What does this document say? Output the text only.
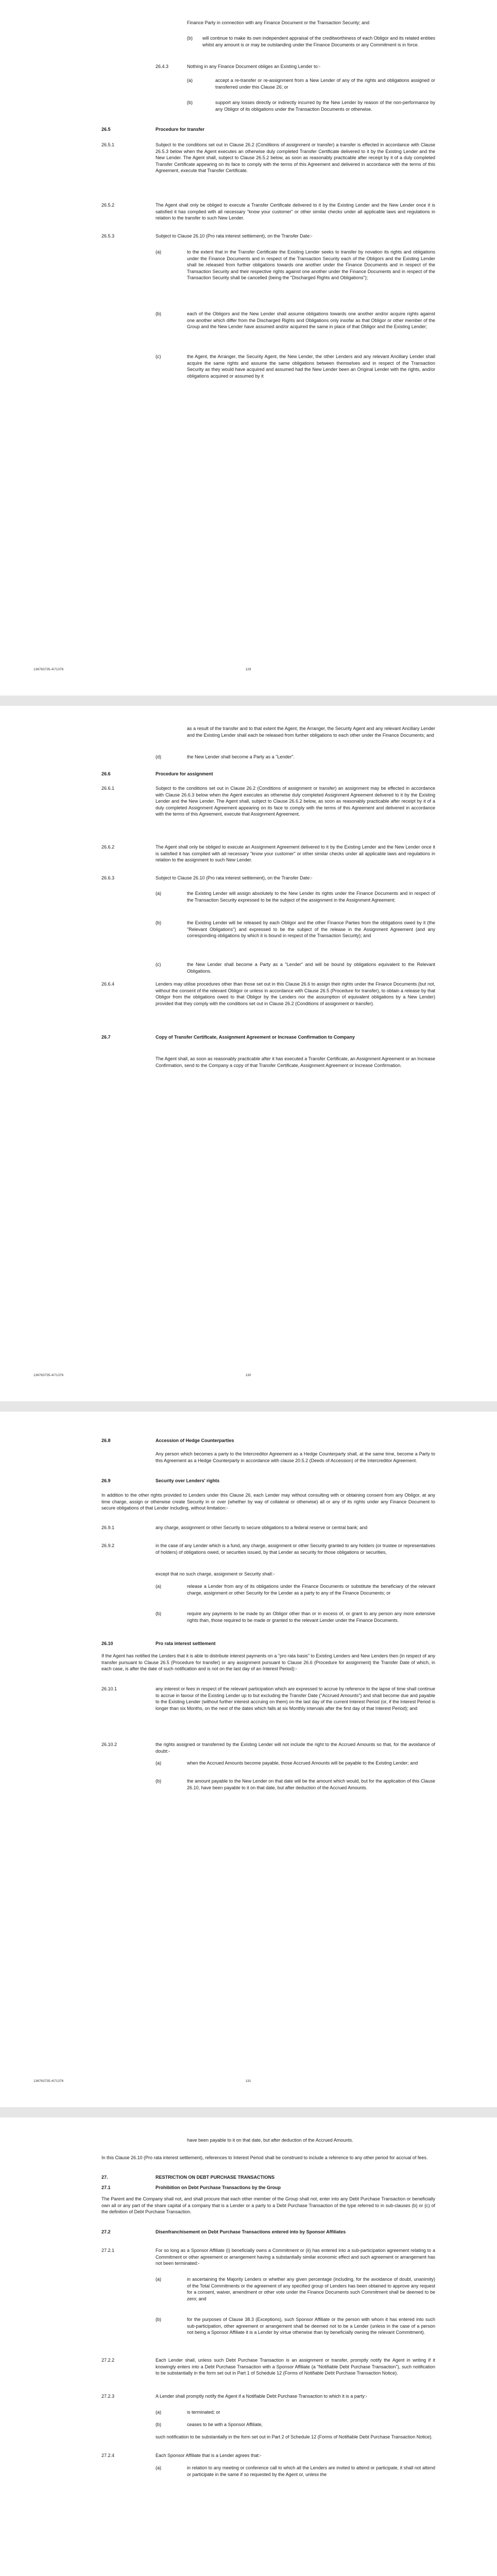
Finance Party in connection with any Finance Document or the Transaction Security; and
(b) will continue to make its own independent appraisal of the creditworthiness of each Obligor and its related entities whilst any amount is or may be outstanding under the Finance Documents or any Commitment is in force.
26.4.3	Nothing in any Finance Document obliges an Existing Lender to:-
(a)	accept a re-transfer or re-assignment from a New Lender of any of the rights and obligations assigned or transferred under this Clause 26; or
(b)	support any losses directly or indirectly incurred by the New Lender by reason of the non-performance by any Obligor of its obligations under the Transaction Documents or otherwise.
26.5	Procedure for transfer
26.5.1	Subject to the conditions set out in Clause 26.2 (Conditions of assignment or transfer) a transfer is effected in accordance with Clause 26.5.3 below when the Agent executes an otherwise duly completed Transfer Certificate delivered to it by the Existing Lender and the New Lender. The Agent shall, subject to Clause 26.5.2 below, as soon as reasonably practicable after receipt by it of a duly completed Transfer Certificate appearing on its face to comply with the terms of this Agreement and delivered in accordance with the terms of this Agreement, execute that Transfer Certificate.
26.5.2	The Agent shall only be obliged to execute a Transfer Certificate delivered to it by the Existing Lender and the New Lender once it is satisfied it has complied with all necessary "know your customer" or other similar checks under all applicable laws and regulations in relation to the transfer to such New Lender.
26.5.3	Subject to Clause 26.10 (Pro rata interest settlement), on the Transfer Date:-
(a)	to the extent that in the Transfer Certificate the Existing Lender seeks to transfer by novation its rights and obligations under the Finance Documents and in respect of the Transaction Security each of the Obligors and the Existing Lender shall be released from further obligations towards one another under the Finance Documents and in respect of the Transaction Security and their respective rights against one another under the Finance Documents and in respect of the Transaction Security shall be cancelled (being the "Discharged Rights and Obligations");
(b)	each of the Obligors and the New Lender shall assume obligations towards one another and/or acquire rights against one another which differ from the Discharged Rights and Obligations only insofar as that Obligor or other member of the Group and the New Lender have assumed and/or acquired the same in place of that Obligor and the Existing Lender;
(c)	the Agent, the Arranger, the Security Agent, the New Lender, the other Lenders and any relevant Ancillary Lender shall acquire the same rights and assume the same obligations between themselves and in respect of the Transaction Security as they would have acquired and assumed had the New Lender been an Original Lender with the rights, and/or obligations acquired or assumed by it
136763735-4\71376	129
as a result of the transfer and to that extent the Agent, the Arranger, the Security Agent and any relevant Ancillary Lender and the Existing Lender shall each be released from further obligations to each other under the Finance Documents; and
(d)	the New Lender shall become a Party as a "Lender".
26.6	Procedure for assignment
26.6.1	Subject to the conditions set out in Clause 26.2 (Conditions of assignment or transfer) an assignment may be effected in accordance with Clause 26.6.3 below when the Agent executes an otherwise duly completed Assignment Agreement delivered to it by the Existing Lender and the New Lender. The Agent shall, subject to Clause 26.6.2 below, as soon as reasonably practicable after receipt by it of a duly completed Assignment Agreement appearing on its face to comply with the terms of this Agreement and delivered in accordance with the terms of this Agreement, execute that Assignment Agreement.
26.6.2	The Agent shall only be obliged to execute an Assignment Agreement delivered to it by the Existing Lender and the New Lender once it is satisfied it has complied with all necessary "know your customer" or other similar checks under all applicable laws and regulations in relation to the assignment to such New Lender.
26.6.3	Subject to Clause 26.10 (Pro rata interest settlement), on the Transfer Date:-
(a)	the Existing Lender will assign absolutely to the New Lender its rights under the Finance Documents and in respect of the Transaction Security expressed to be the subject of the assignment in the Assignment Agreement;
(b)	the Existing Lender will be released by each Obligor and the other Finance Parties from the obligations owed by it (the "Relevant Obligations") and expressed to be the subject of the release in the Assignment Agreement (and any corresponding obligations by which it is bound in respect of the Transaction Security); and
(c)	the New Lender shall become a Party as a "Lender" and will be bound by obligations equivalent to the Relevant Obligations.
26.6.4	Lenders may utilise procedures other than those set out in this Clause 26.6 to assign their rights under the Finance Documents (but not, without the consent of the relevant Obligor or unless in accordance with Clause 26.5 (Procedure for transfer), to obtain a release by that Obligor from the obligations owed to that Obligor by the Lenders nor the assumption of equivalent obligations by a New Lender) provided that they comply with the conditions set out in Clause 26.2 (Conditions of assignment or transfer).
26.7	Copy of Transfer Certificate, Assignment Agreement or Increase Confirmation to Company
The Agent shall, as soon as reasonably practicable after it has executed a Transfer Certificate, an Assignment Agreement or an Increase Confirmation, send to the Company a copy of that Transfer Certificate, Assignment Agreement or Increase Confirmation.
136763735-4\71376	130
26.8	Accession of Hedge Counterparties
Any person which becomes a party to the Intercreditor Agreement as a Hedge Counterparty shall, at the same time, become a Party to this Agreement as a Hedge Counterparty in accordance with clause 20.5.2 (Deeds of Accession) of the Intercreditor Agreement.
26.9	Security over Lenders' rights
In addition to the other rights provided to Lenders under this Clause 26, each Lender may without consulting with or obtaining consent from any Obligor, at any time charge, assign or otherwise create Security in or over (whether by way of collateral or otherwise) all or any of its rights under any Finance Document to secure obligations of that Lender including, without limitation:-
26.9.1	any charge, assignment or other Security to secure obligations to a federal reserve or central bank; and
26.9.2	in the case of any Lender which is a fund, any charge, assignment or other Security granted to any holders (or trustee or representatives of holders) of obligations owed, or securities issued, by that Lender as security for those obligations or securities,
except that no such charge, assignment or Security shall:-
(a)	release a Lender from any of its obligations under the Finance Documents or substitute the beneficiary of the relevant charge, assignment or other Security for the Lender as a party to any of the Finance Documents; or
(b)	require any payments to be made by an Obligor other than or in excess of, or grant to any person any more extensive rights than, those required to be made or granted to the relevant Lender under the Finance Documents.
26.10	Pro rata interest settlement
If the Agent has notified the Lenders that it is able to distribute interest payments on a "pro rata basis" to Existing Lenders and New Lenders then (in respect of any transfer pursuant to Clause 26.5 (Procedure for transfer) or any assignment pursuant to Clause 26.6 (Procedure for assignment) the Transfer Date of which, in each case, is after the date of such notification and is not on the last day of an Interest Period):-
26.10.1	any interest or fees in respect of the relevant participation which are expressed to accrue by reference to the lapse of time shall continue to accrue in favour of the Existing Lender up to but excluding the Transfer Date ("Accrued Amounts") and shall become due and payable to the Existing Lender (without further interest accruing on them) on the last day of the current Interest Period (or, if the Interest Period is longer than six Months, on the next of the dates which falls at six Monthly intervals after the first day of that Interest Period); and
26.10.2	the rights assigned or transferred by the Existing Lender will not include the right to the Accrued Amounts so that, for the avoidance of doubt:-
(a)	when the Accrued Amounts become payable, those Accrued Amounts will be payable to the Existing Lender; and
(b)	the amount payable to the New Lender on that date will be the amount which would, but for the application of this Clause 26.10, have been payable to it on that date, but after deduction of the Accrued Amounts.
136763735-4\71376	131
have been payable to it on that date, but after deduction of the Accrued Amounts.
In this Clause 26.10 (Pro rata interest settlement), references to Interest Period shall be construed to include a reference to any other period for accrual of fees.
27.	RESTRICTION ON DEBT PURCHASE TRANSACTIONS
27.1	Prohibition on Debt Purchase Transactions by the Group
The Parent and the Company shall not, and shall procure that each other member of the Group shall not, enter into any Debt Purchase Transaction or beneficially own all or any part of the share capital of a company that is a Lender or a party to a Debt Purchase Transaction of the type referred to in sub-clauses (b) or (c) of the definition of Debt Purchase Transaction.
27.2	Disenfranchisement on Debt Purchase Transactions entered into by Sponsor Affiliates
27.2.1	For so long as a Sponsor Affiliate (i) beneficially owns a Commitment or (ii) has entered into a sub-participation agreement relating to a Commitment or other agreement or arrangement having a substantially similar economic effect and such agreement or arrangement has not been terminated:-
(a)	in ascertaining the Majority Lenders or whether any given percentage (including, for the avoidance of doubt, unanimity) of the Total Commitments or the agreement of any specified group of Lenders has been obtained to approve any request for a consent, waiver, amendment or other vote under the Finance Documents such Commitment shall be deemed to be zero; and
(b)	for the purposes of Clause 38.3 (Exceptions), such Sponsor Affiliate or the person with whom it has entered into such sub-participation, other agreement or arrangement shall be deemed not to be a Lender (unless in the case of a person not being a Sponsor Affiliate it is a Lender by virtue otherwise than by beneficially owning the relevant Commitment).
27.2.2	Each Lender shall, unless such Debt Purchase Transaction is an assignment or transfer, promptly notify the Agent in writing if it knowingly enters into a Debt Purchase Transaction with a Sponsor Affiliate (a "Notifiable Debt Purchase Transaction"), such notification to be substantially in the form set out in Part 1 of Schedule 12 (Forms of Notifiable Debt Purchase Transaction Notice).
27.2.3	A Lender shall promptly notify the Agent if a Notifiable Debt Purchase Transaction to which it is a party:-
(a)	is terminated; or
(b)	ceases to be with a Sponsor Affiliate,
such notification to be substantially in the form set out in Part 2 of Schedule 12 (Forms of Notifiable Debt Purchase Transaction Notice).
27.2.4	Each Sponsor Affiliate that is a Lender agrees that:-
(a)	in relation to any meeting or conference call to which all the Lenders are invited to attend or participate, it shall not attend or participate in the same if so requested by the Agent or, unless the
